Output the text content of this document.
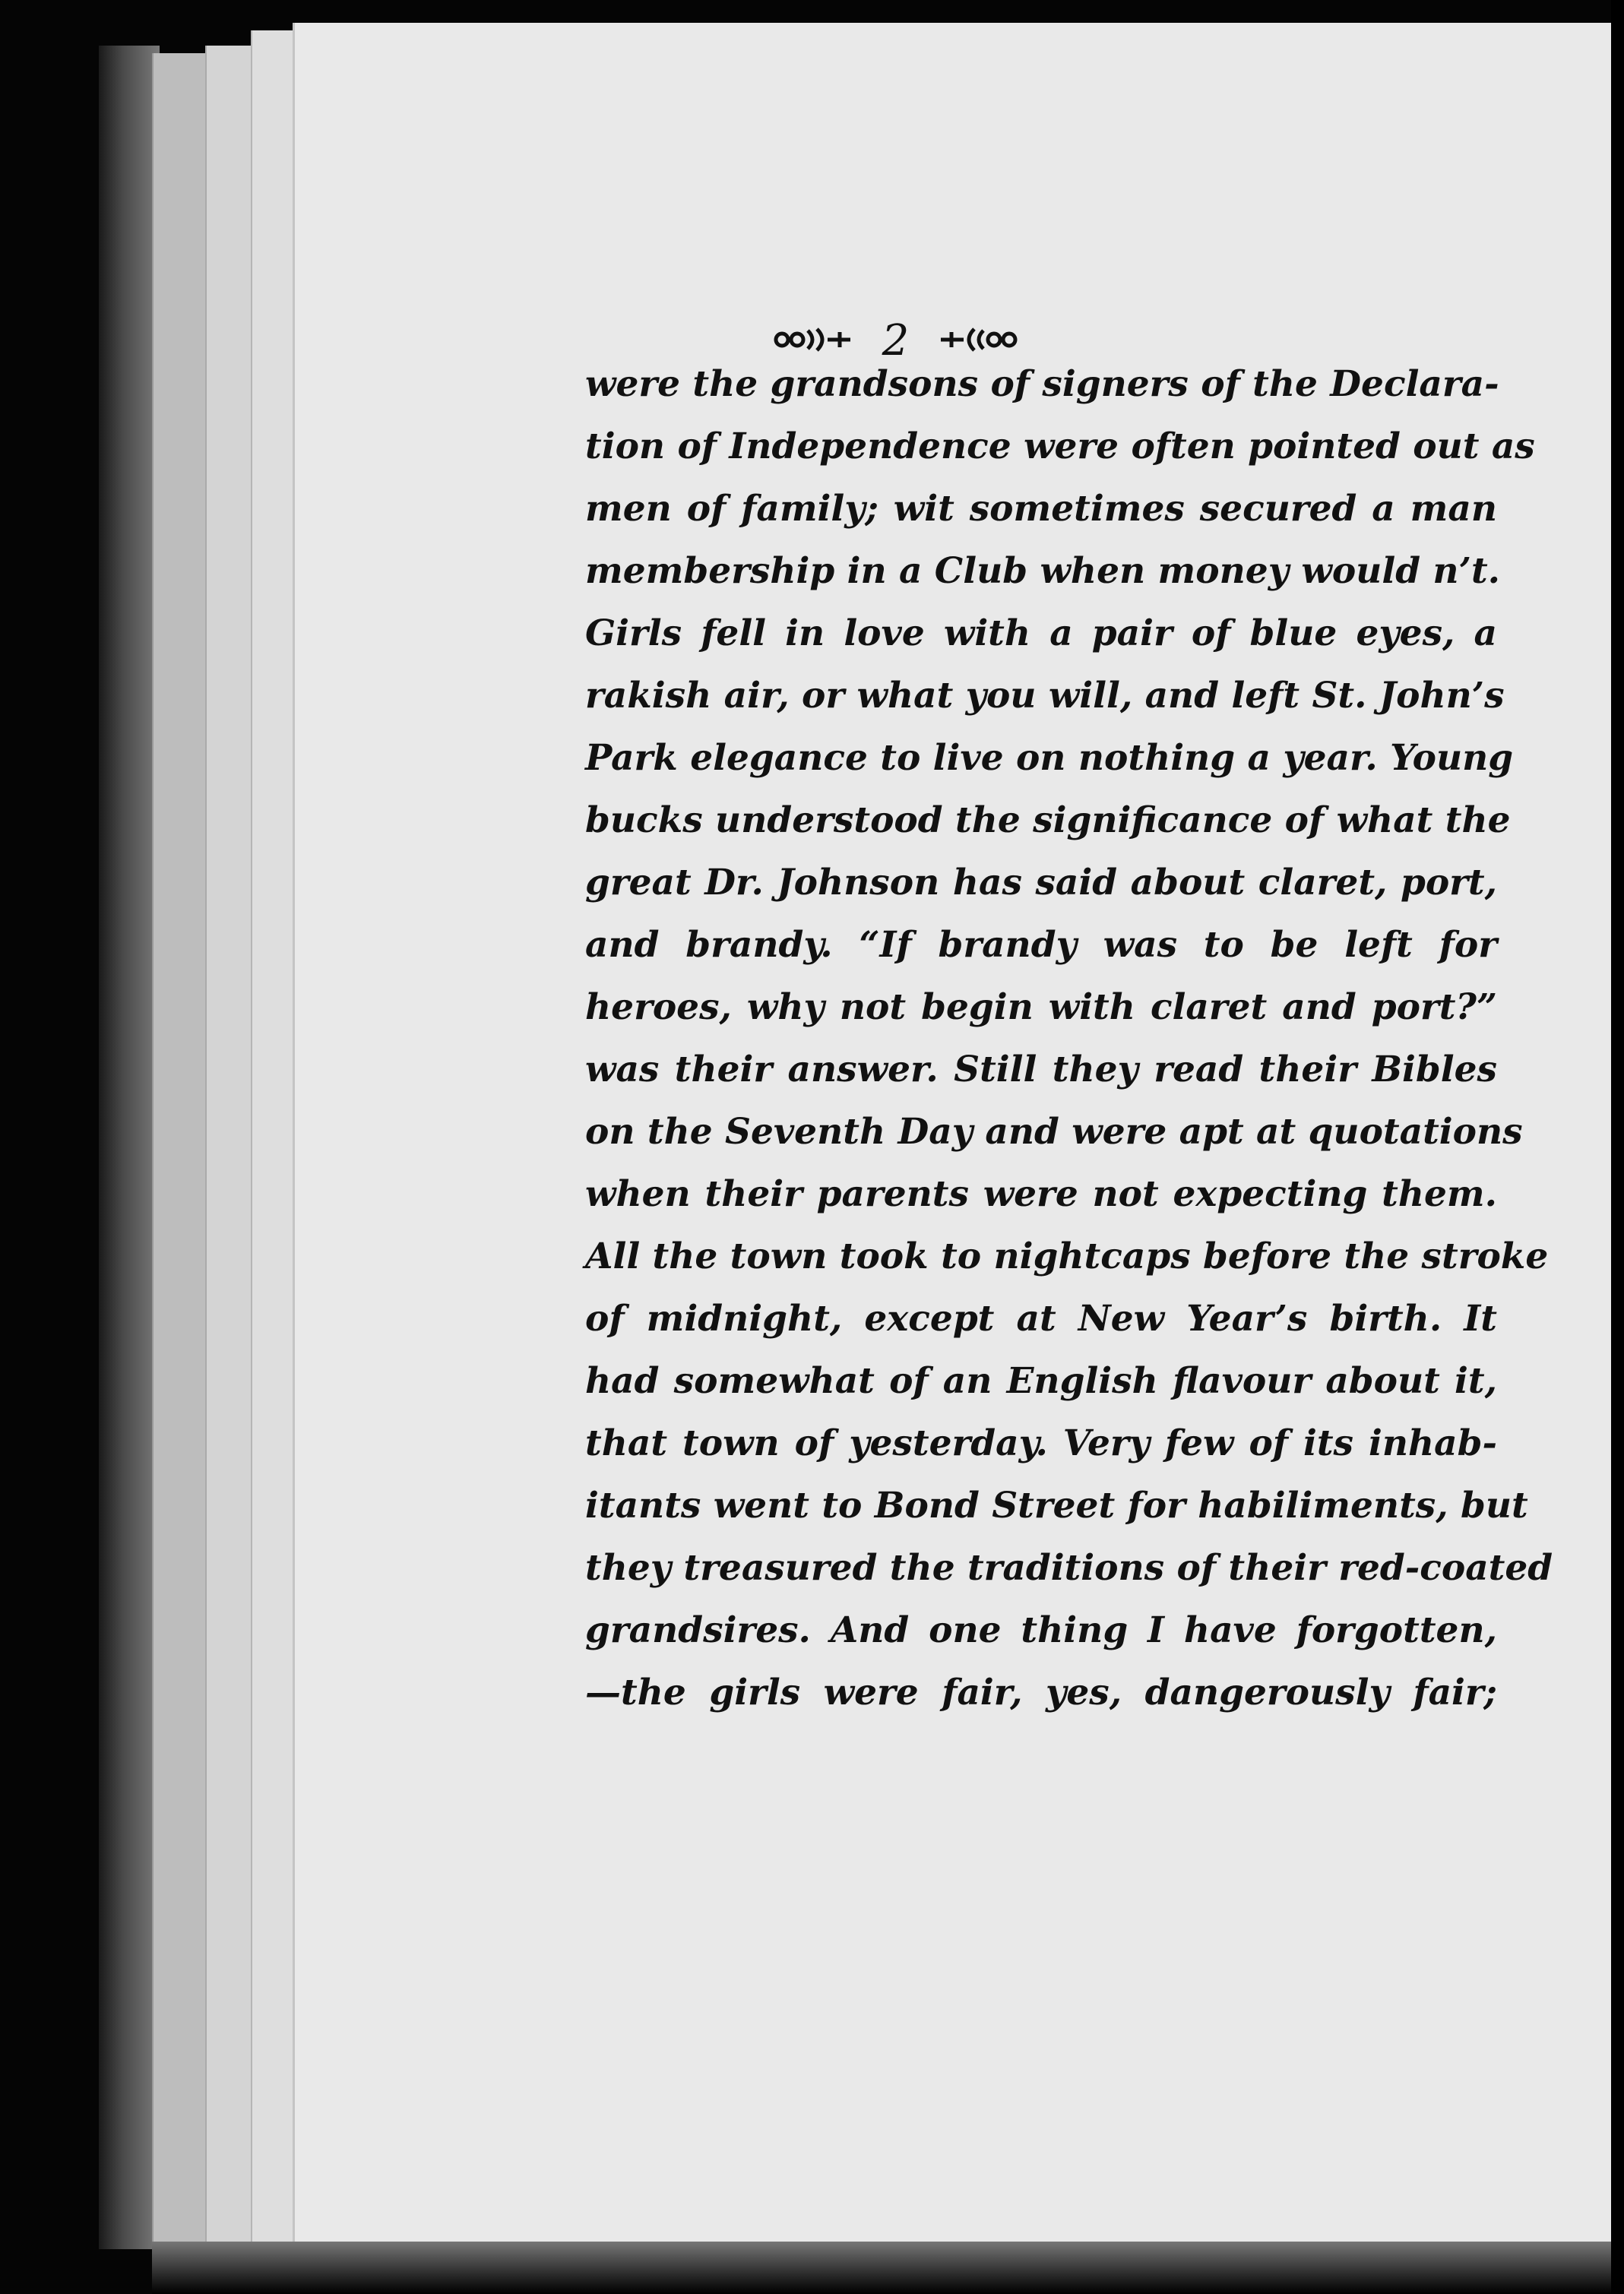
2
were the grandsons of signers of the Declara-
tion of Independence were often pointed out as
men of family; wit sometimes secured a man
membership in a Club when money would n’t.
Girls fell in love with a pair of blue eyes, a
rakish air, or what you will, and left St. John’s
Park elegance to live on nothing a year. Young
bucks understood the significance of what the
great Dr. Johnson has said about claret, port,
and brandy. “If brandy was to be left for
heroes, why not begin with claret and port?”
was their answer. Still they read their Bibles
on the Seventh Day and were apt at quotations
when their parents were not expecting them.
All the town took to nightcaps before the stroke
of midnight, except at New Year’s birth. It
had somewhat of an English flavour about it,
that town of yesterday. Very few of its inhab-
itants went to Bond Street for habiliments, but
they treasured the traditions of their red-coated
grandsires. And one thing I have forgotten,
—the girls were fair, yes, dangerously fair;
